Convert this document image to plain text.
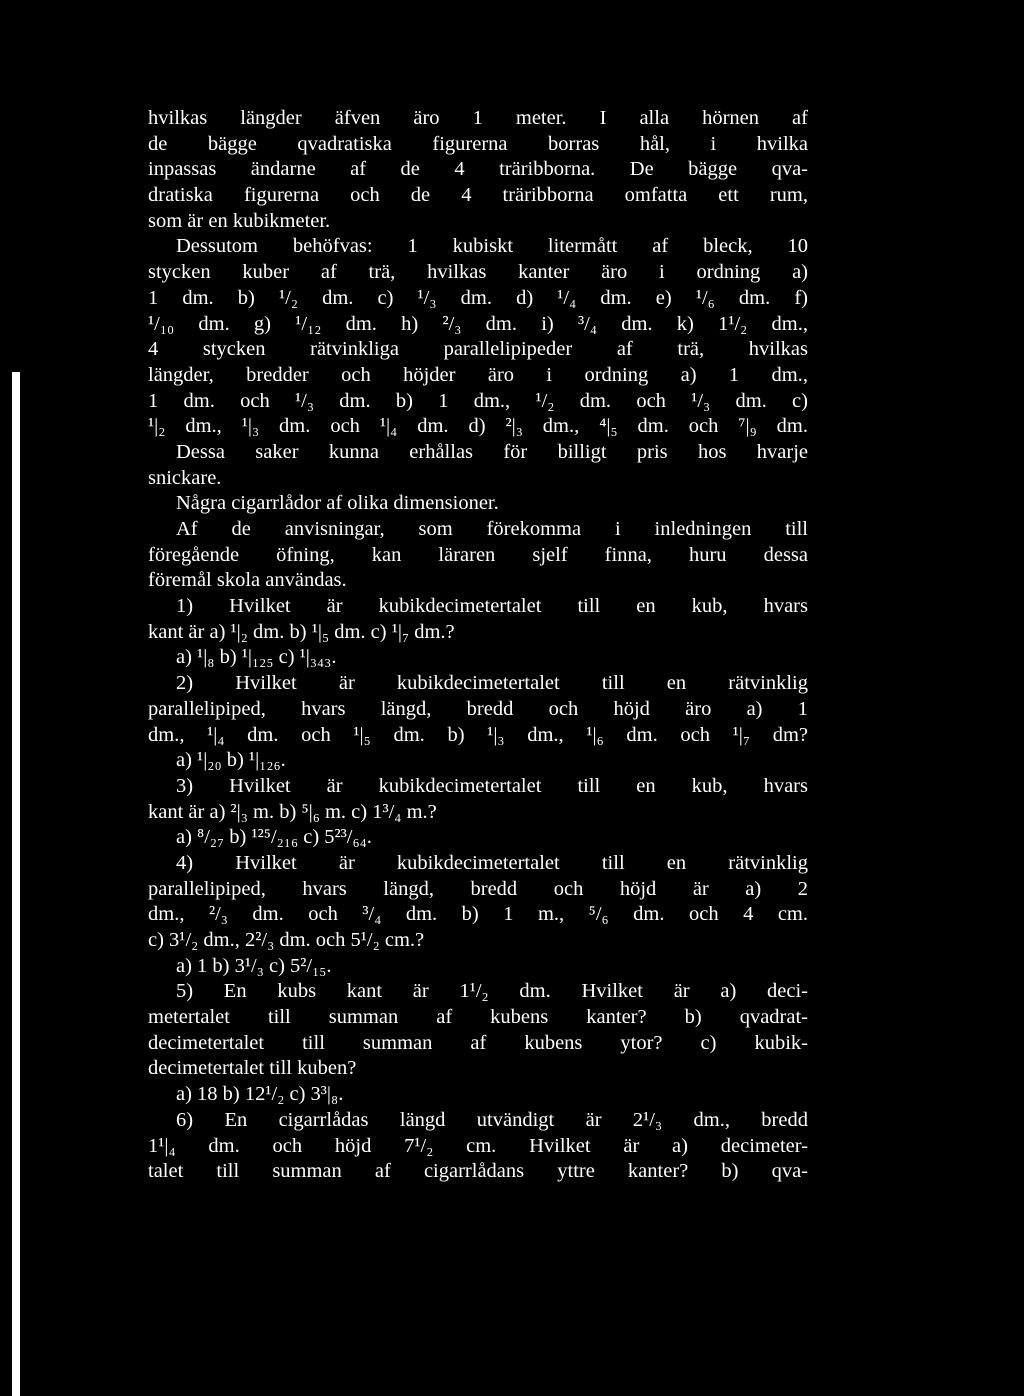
hvilkas längder äfven äro 1 meter. I alla hörnen af
de bägge qvadratiska figurerna borras hål, i hvilka
inpassas ändarne af de 4 träribborna. De bägge qva-
dratiska figurerna och de 4 träribborna omfatta ett rum,
som är en kubikmeter.
Dessutom behöfvas: 1 kubiskt litermått af bleck, 10
stycken kuber af trä, hvilkas kanter äro i ordning a)
1 dm. b) ¹/₂ dm. c) ¹/₃ dm. d) ¹/₄ dm. e) ¹/₆ dm. f)
¹/₁₀ dm. g) ¹/₁₂ dm. h) ²/₃ dm. i) ³/₄ dm. k) 1¹/₂ dm.,
4 stycken rätvinkliga parallelipipeder af trä, hvilkas
längder, bredder och höjder äro i ordning a) 1 dm.,
1 dm. och ¹/₃ dm. b) 1 dm., ¹/₂ dm. och ¹/₃ dm. c)
¹|₂ dm., ¹|₃ dm. och ¹|₄ dm. d) ²|₃ dm., ⁴|₅ dm. och ⁷|₉ dm.
Dessa saker kunna erhållas för billigt pris hos hvarje
snickare.
Några cigarrlådor af olika dimensioner.
Af de anvisningar, som förekomma i inledningen till
föregående öfning, kan läraren sjelf finna, huru dessa
föremål skola användas.
1) Hvilket är kubikdecimetertalet till en kub, hvars
kant är a) ¹|₂ dm. b) ¹|₅ dm. c) ¹|₇ dm.?
a) ¹|₈ b) ¹|₁₂₅ c) ¹|₃₄₃.
2) Hvilket är kubikdecimetertalet till en rätvinklig
parallelipiped, hvars längd, bredd och höjd äro a) 1
dm., ¹|₄ dm. och ¹|₅ dm. b) ¹|₃ dm., ¹|₆ dm. och ¹|₇ dm?
a) ¹|₂₀ b) ¹|₁₂₆.
3) Hvilket är kubikdecimetertalet till en kub, hvars
kant är a) ²|₃ m. b) ⁵|₆ m. c) 1³/₄ m.?
a) ⁸/₂₇ b) ¹²⁵/₂₁₆ c) 5²³/₆₄.
4) Hvilket är kubikdecimetertalet till en rätvinklig
parallelipiped, hvars längd, bredd och höjd är a) 2
dm., ²/₃ dm. och ³/₄ dm. b) 1 m., ⁵/₆ dm. och 4 cm.
c) 3¹/₂ dm., 2²/₃ dm. och 5¹/₂ cm.?
a) 1 b) 3¹/₃ c) 5²/₁₅.
5) En kubs kant är 1¹/₂ dm. Hvilket är a) deci-
metertalet till summan af kubens kanter? b) qvadrat-
decimetertalet till summan af kubens ytor? c) kubik-
decimetertalet till kuben?
a) 18 b) 12¹/₂ c) 3³|₈.
6) En cigarrlådas längd utvändigt är 2¹/₃ dm., bredd
1¹|₄ dm. och höjd 7¹/₂ cm. Hvilket är a) decimeter-
talet till summan af cigarrlådans yttre kanter? b) qva-
